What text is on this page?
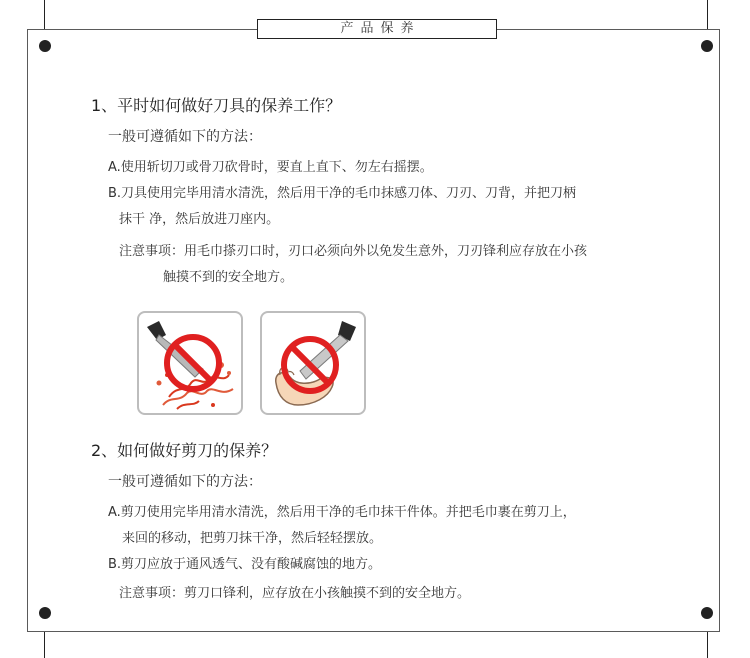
产品保养
1、平时如何做好刀具的保养工作？
一般可遵循如下的方法：
A.使用斩切刀或骨刀砍骨时，要直上直下、勿左右摇摆。
B.刀具使用完毕用清水清洗，然后用干净的毛巾抹感刀体、刀刃、刀背，并把刀柄
抹干 净，然后放进刀座内。
注意事项：用毛巾搽刃口时，刃口必须向外以免发生意外，刀刃锋利应存放在小孩
触摸不到的安全地方。
2、如何做好剪刀的保养？
一般可遵循如下的方法：
A.剪刀使用完毕用清水清洗，然后用干净的毛巾抹干件体。并把毛巾裹在剪刀上，
来回的移动，把剪刀抹干净，然后轻轻摆放。
B.剪刀应放于通风透气、没有酸碱腐蚀的地方。
注意事项：剪刀口锋利，应存放在小孩触摸不到的安全地方。
